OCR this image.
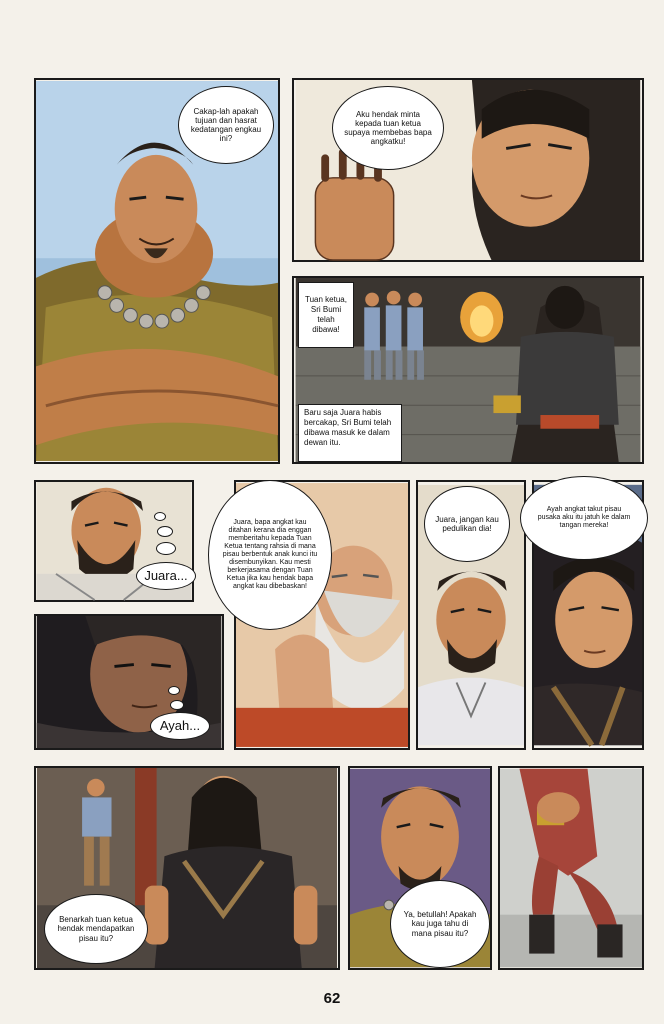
Cakap-lah apakah tujuan dan hasrat kedatangan engkau ini?
Aku hendak minta kepada tuan ketua supaya membebas bapa angkatku!
Tuan ketua, Sri Bumi telah dibawa!
Baru saja Juara habis bercakap, Sri Bumi telah dibawa masuk ke dalam dewan itu.
Juara...
Juara, bapa angkat kau ditahan kerana dia enggan memberitahu kepada Tuan Ketua tentang rahsia di mana pisau berbentuk anak kunci itu disembunyikan. Kau mesti berkerjasama dengan Tuan Ketua jika kau hendak bapa angkat kau dibebaskan!
Ayah...
Juara, jangan kau pedulikan dia!
Ayah angkat takut pisau pusaka aku itu jatuh ke dalam tangan mereka!
Benarkah tuan ketua hendak mendapatkan pisau itu?
Ya, betullah! Apakah kau juga tahu di mana pisau itu?
62
